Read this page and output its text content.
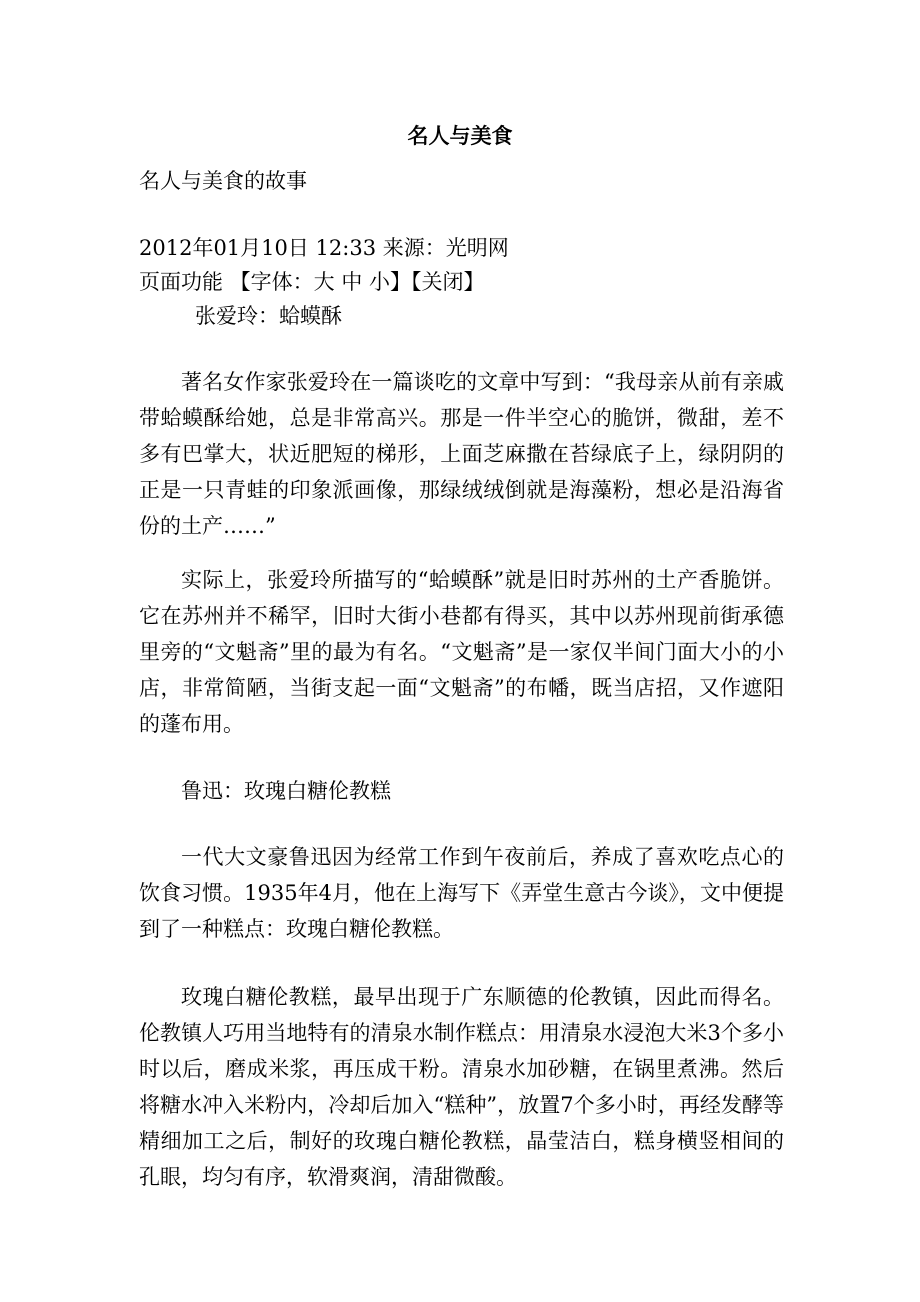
名人与美食
名人与美食的故事
2012年01月10日 12:33 来源：光明网
页面功能 【字体：大 中 小】【关闭】
张爱玲：蛤蟆酥
著名女作家张爱玲在一篇谈吃的文章中写到：“我母亲从前有亲戚带蛤蟆酥给她，总是非常高兴。那是一件半空心的脆饼，微甜，差不多有巴掌大，状近肥短的梯形，上面芝麻撒在苔绿底子上，绿阴阴的正是一只青蛙的印象派画像，那绿绒绒倒就是海藻粉，想必是沿海省份的土产……”
实际上，张爱玲所描写的“蛤蟆酥”就是旧时苏州的土产香脆饼。它在苏州并不稀罕，旧时大街小巷都有得买，其中以苏州现前街承德里旁的“文魁斋”里的最为有名。“文魁斋”是一家仅半间门面大小的小店，非常简陋，当街支起一面“文魁斋”的布幡，既当店招，又作遮阳的蓬布用。
鲁迅：玫瑰白糖伦教糕
一代大文豪鲁迅因为经常工作到午夜前后，养成了喜欢吃点心的饮食习惯。1935年4月，他在上海写下《弄堂生意古今谈》，文中便提到了一种糕点：玫瑰白糖伦教糕。
玫瑰白糖伦教糕，最早出现于广东顺德的伦教镇，因此而得名。伦教镇人巧用当地特有的清泉水制作糕点：用清泉水浸泡大米3个多小时以后，磨成米浆，再压成干粉。清泉水加砂糖，在锅里煮沸。然后将糖水冲入米粉内，冷却后加入“糕种”，放置7个多小时，再经发酵等精细加工之后，制好的玫瑰白糖伦教糕，晶莹洁白，糕身横竖相间的孔眼，均匀有序，软滑爽润，清甜微酸。
